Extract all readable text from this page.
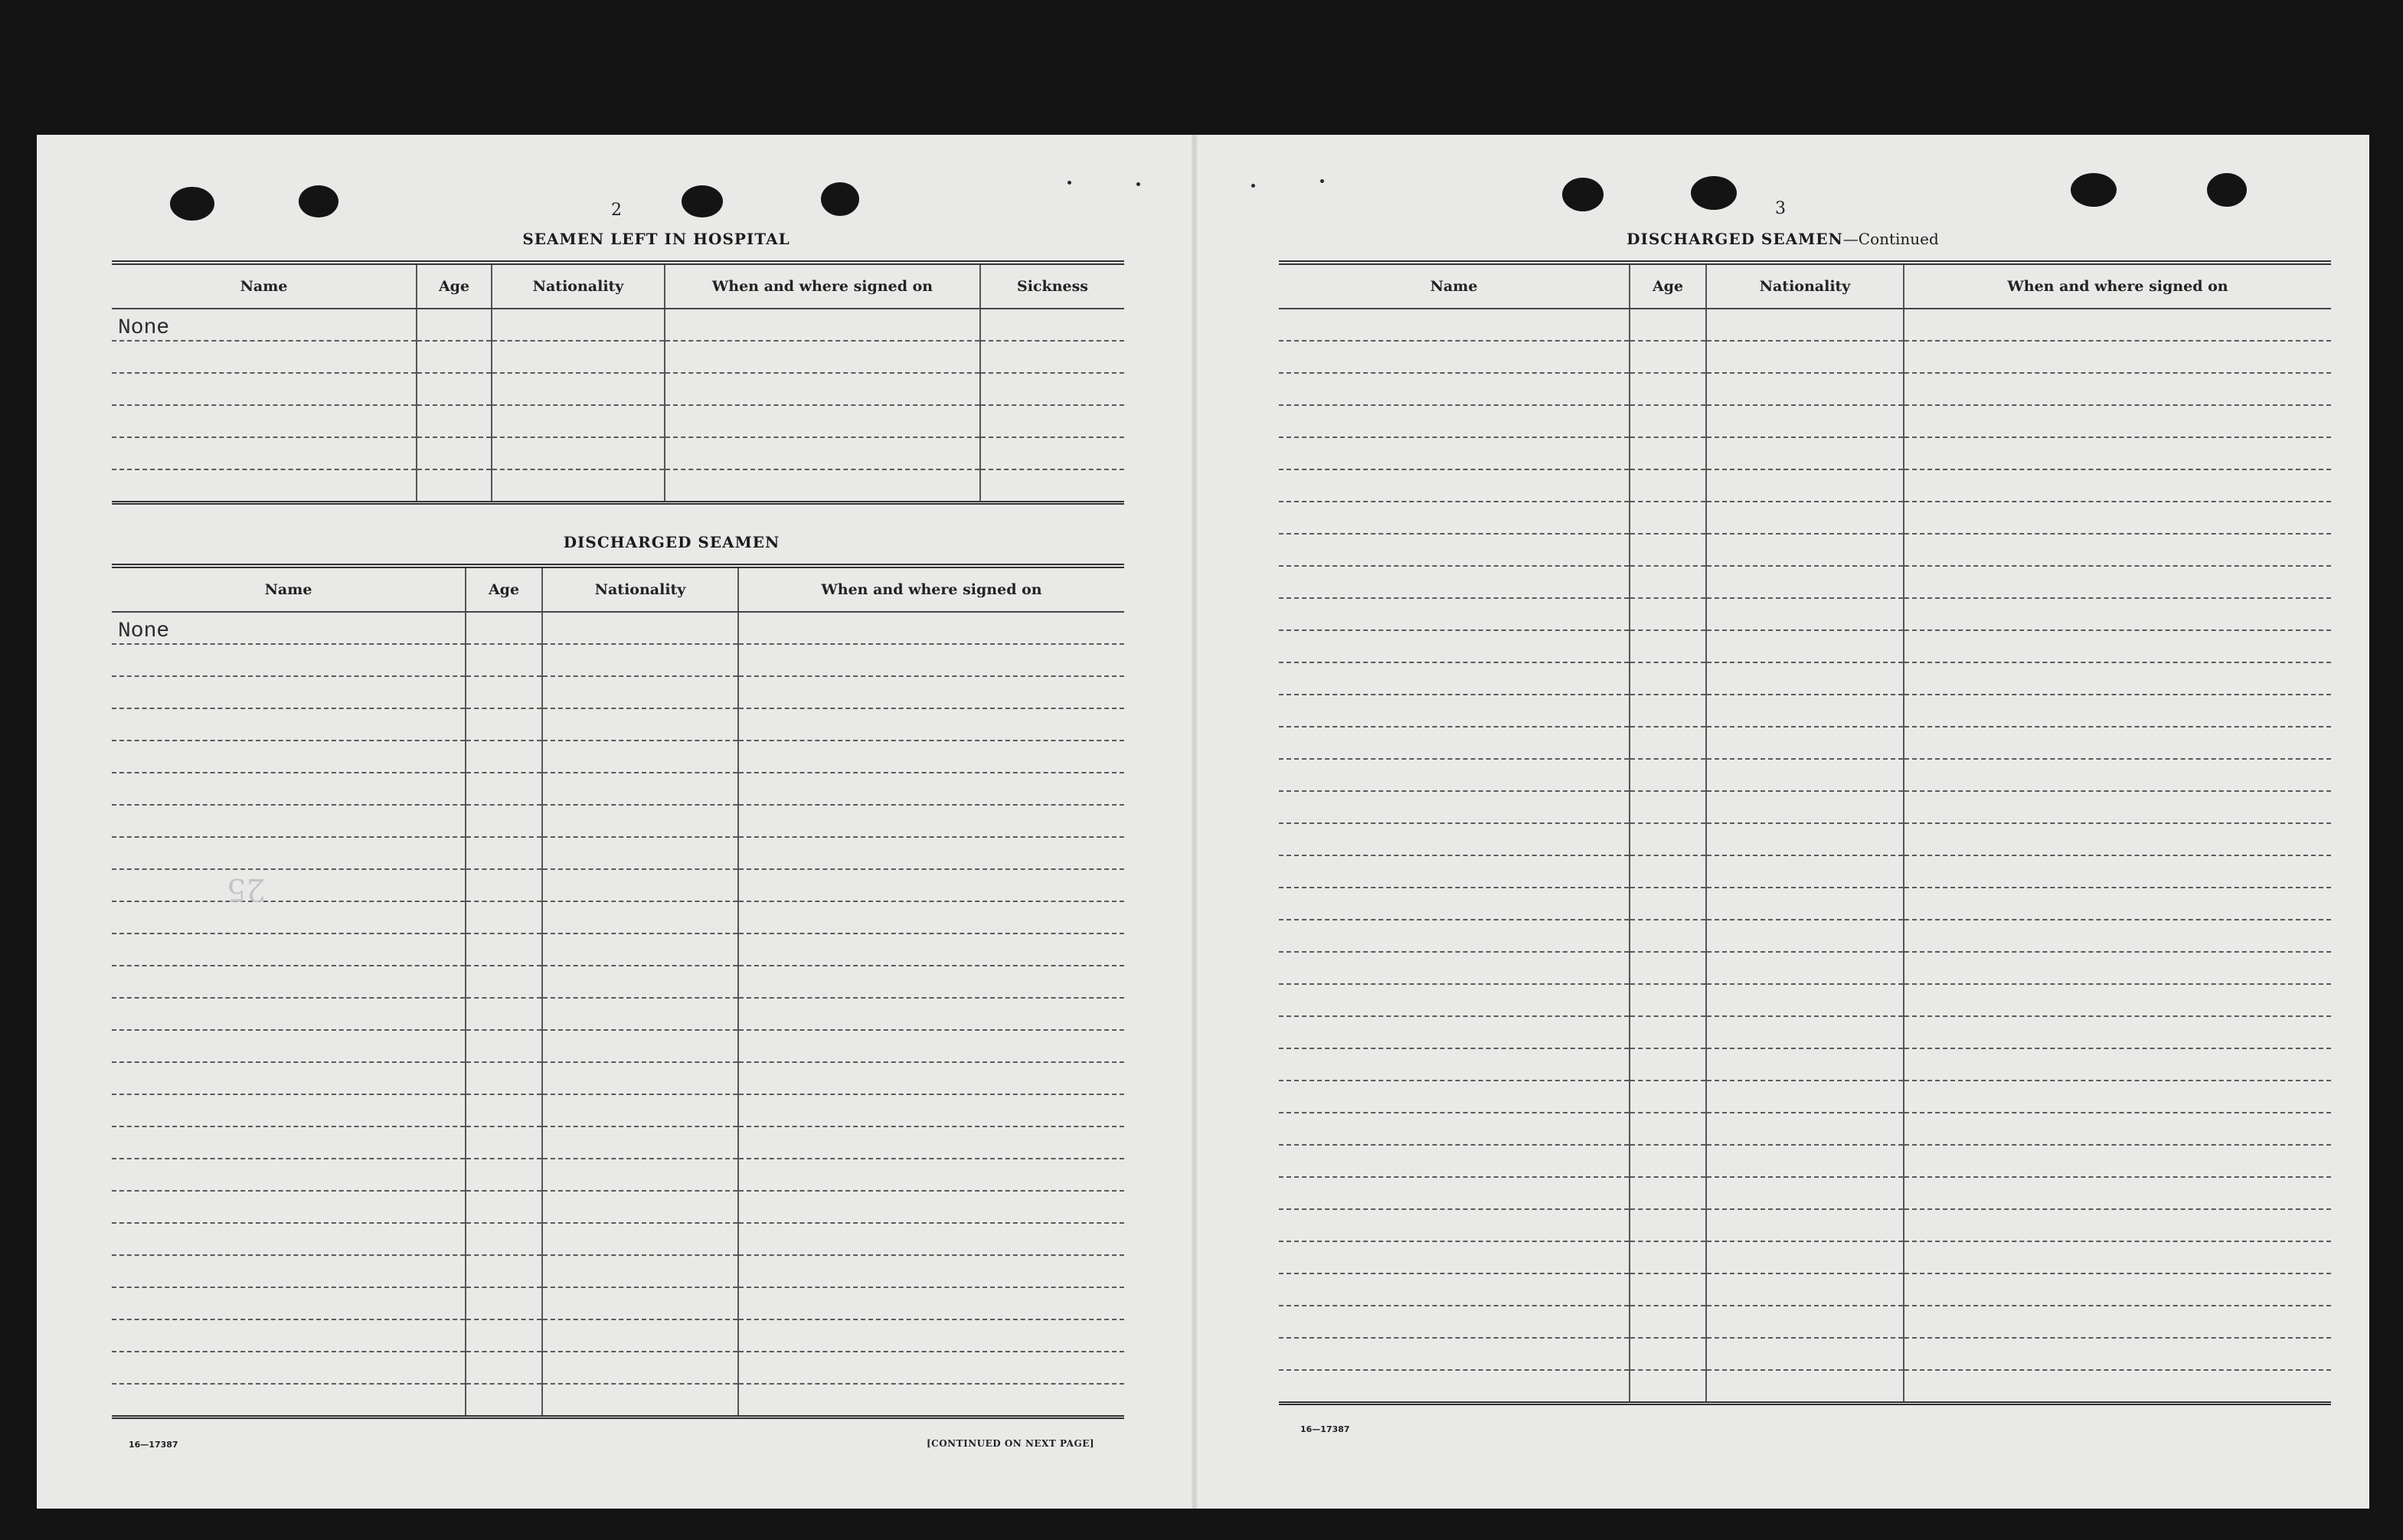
2
SEAMEN LEFT IN HOSPITAL
Name	Age	Nationality	When and where signed on	Sickness
None				

DISCHARGED SEAMEN
Name	Age	Nationality	When and where signed on
None			

25
16—17387	[CONTINUED ON NEXT PAGE]
3
DISCHARGED SEAMEN—Continued
Name	Age	Nationality	When and where signed on

16—17387
